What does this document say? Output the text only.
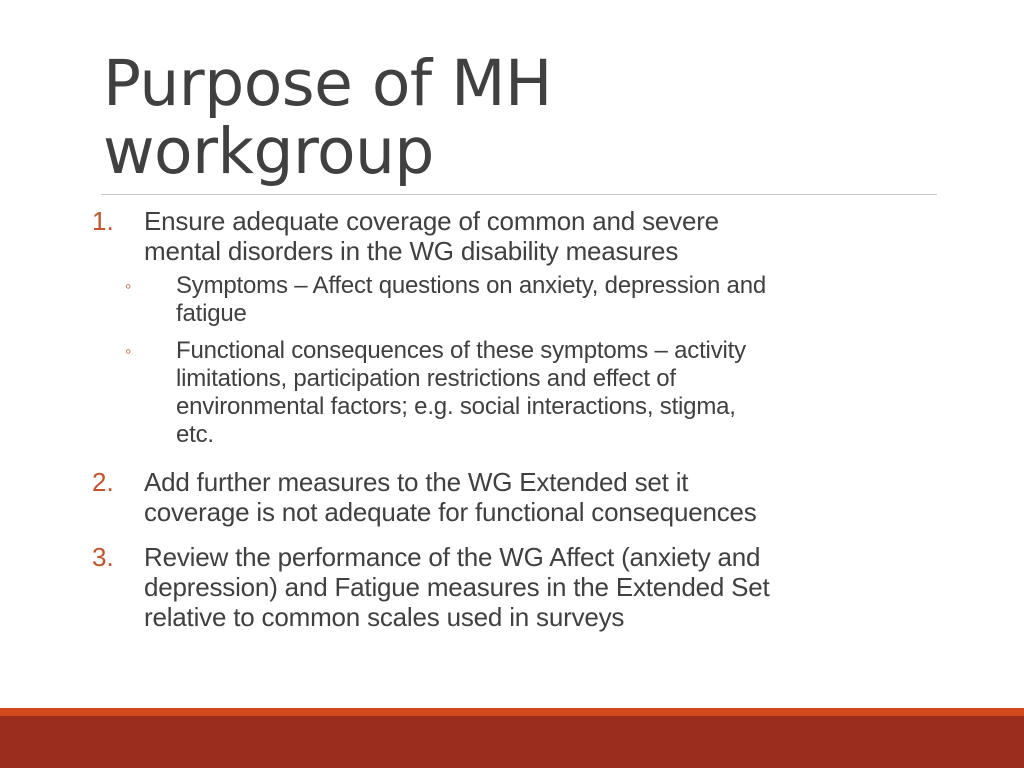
Purpose of MH
workgroup
1.	Ensure adequate coverage of common and severe
mental disorders in the WG disability measures
◦	Symptoms – Affect questions on anxiety, depression and
fatigue
◦	Functional consequences of these symptoms – activity
limitations, participation restrictions and effect of
environmental factors; e.g. social interactions, stigma,
etc.
2.	Add further measures to the WG Extended set it
coverage is not adequate for functional consequences
3.	Review the performance of the WG Affect (anxiety and
depression) and Fatigue measures in the Extended Set
relative to common scales used in surveys
